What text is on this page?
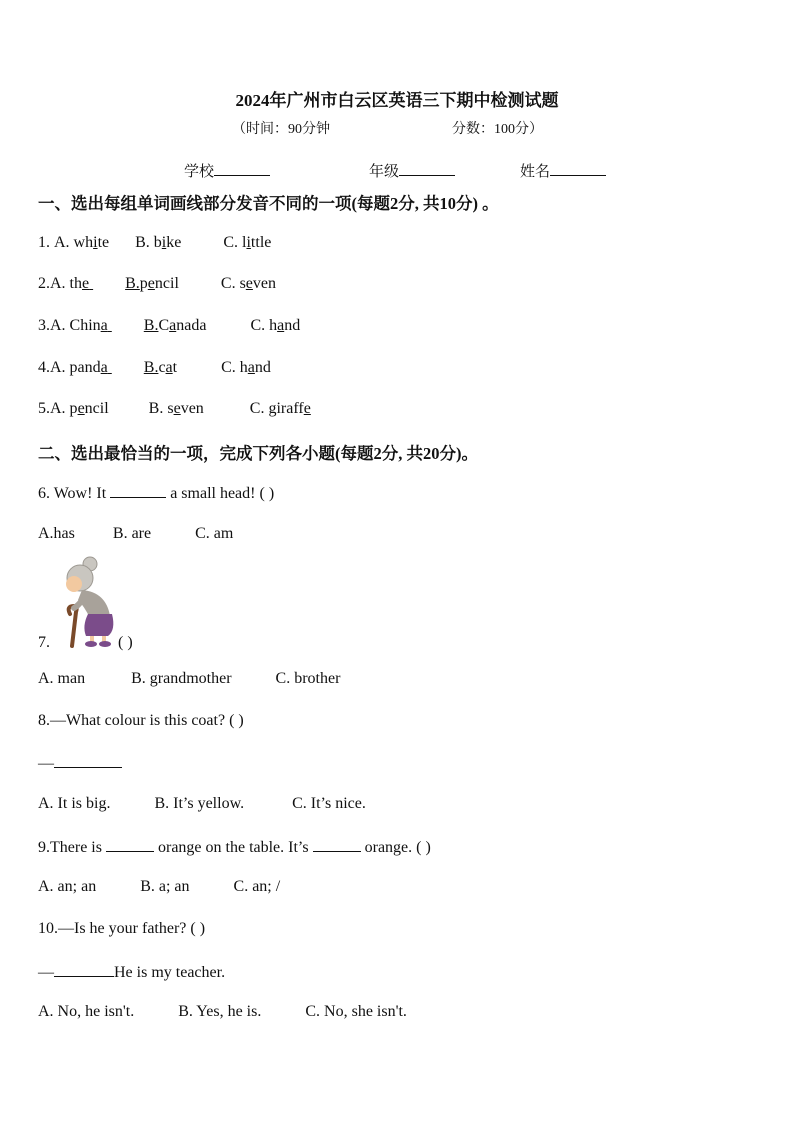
2024年广州市白云区英语三下期中检测试题
（时间：90分钟	分数：100分）
学校	年级	姓名
一、选出每组单词画线部分发音不同的一项(每题2分, 共10分) 。
1. A. white B. bike	C. little
2.A. the B.pencil	C. seven
3.A. China B.Canada	C. hand
4.A. panda B.cat	C. hand
5.A. pencil	B. seven	C. giraffe
二、选出最恰当的一项，完成下列各小题(每题2分, 共20分)。
6. Wow! It	a small head! ( )
A.has B. are	C. am
7.	( )
A. man	B. grandmother	C. brother
8.—What colour is this coat? ( )
—
A. It is big.	B. It’s yellow.	C. It’s nice.
9.There is	orange on the table. It’s	orange. ( )
A. an; an	B. a; an	C. an; /
10.—Is he your father? ( )
—	He is my teacher.
A. No, he isn't.	B. Yes, he is.	C. No, she isn't.
